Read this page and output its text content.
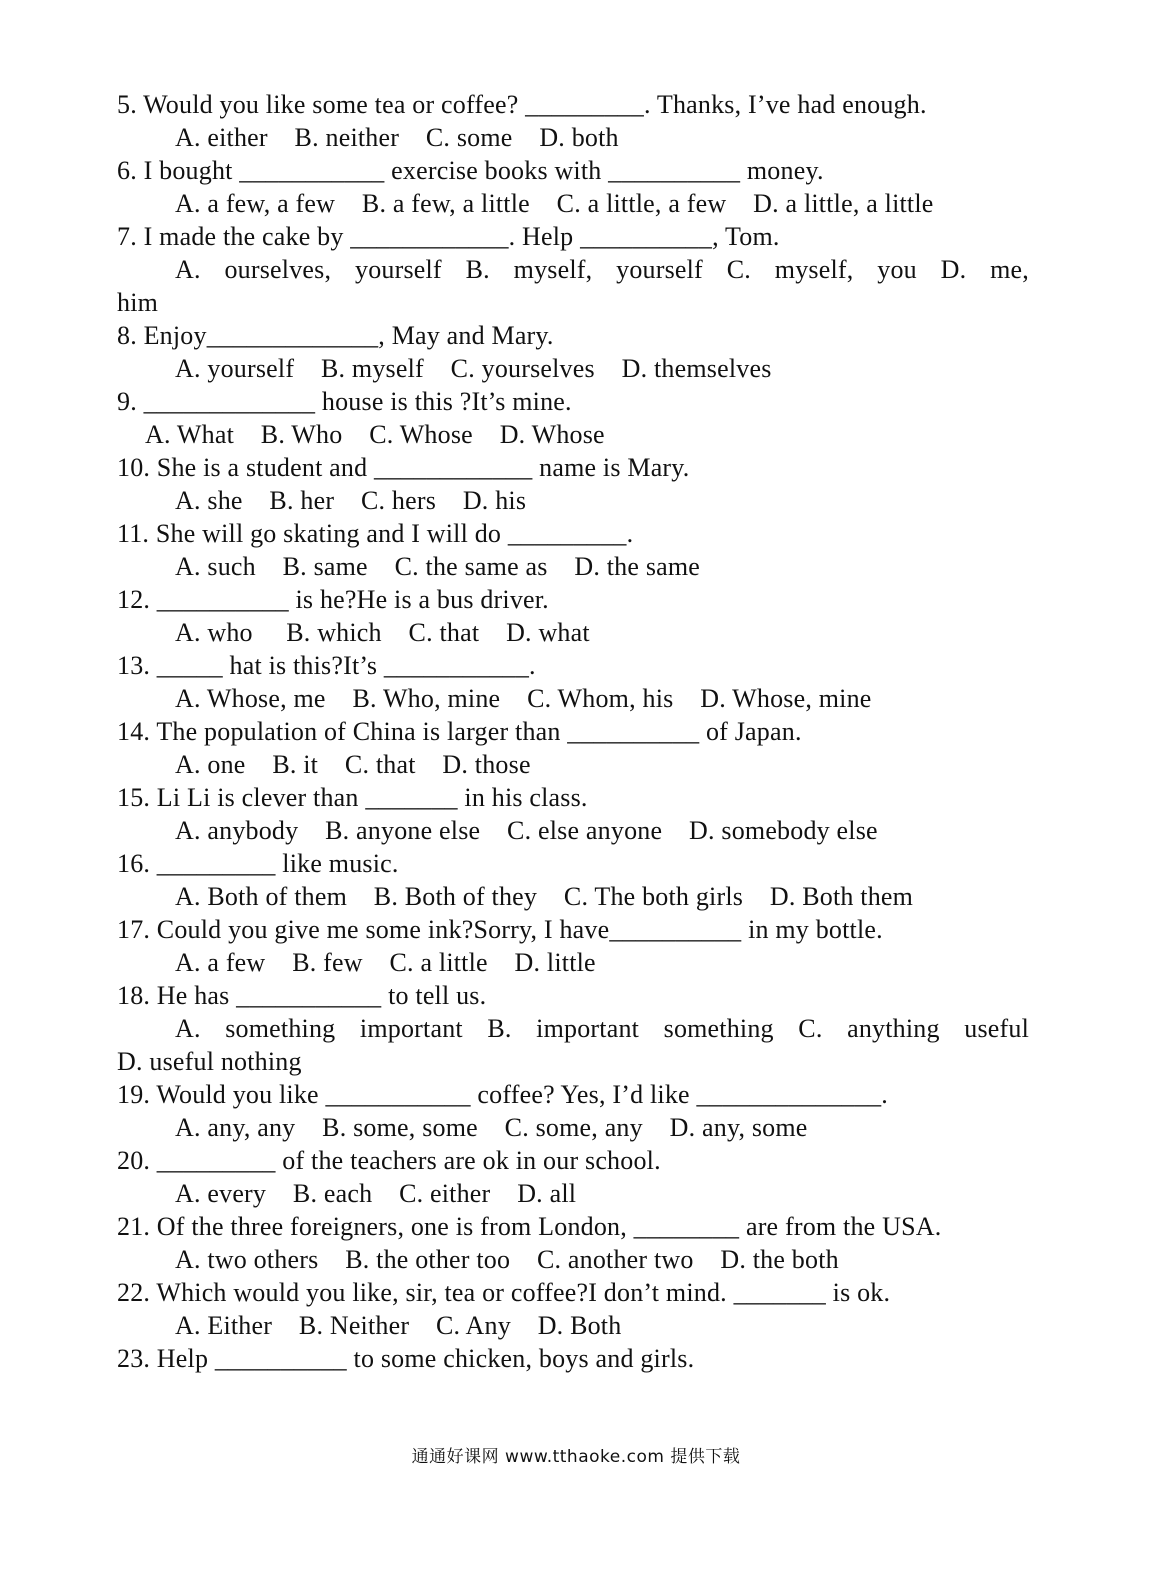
5. Would you like some tea or coffee? _________. Thanks, I’ve had enough.
A. either    B. neither    C. some    D. both
6. I bought ___________ exercise books with __________ money.
A. a few, a few    B. a few, a little    C. a little, a few    D. a little, a little
7. I made the cake by ____________. Help __________, Tom.
A. ourselves, yourself B. myself, yourself C. myself, you D. me,
him
8. Enjoy_____________, May and Mary.
A. yourself    B. myself    C. yourselves    D. themselves
9. _____________ house is this ?It’s mine.
A. What    B. Who    C. Whose    D. Whose
10. She is a student and ____________ name is Mary.
A. she    B. her    C. hers    D. his
11. She will go skating and I will do _________.
A. such    B. same    C. the same as    D. the same
12. __________ is he?He is a bus driver.
A. who     B. which    C. that    D. what
13. _____ hat is this?It’s ___________.
A. Whose, me    B. Who, mine    C. Whom, his    D. Whose, mine
14. The population of China is larger than __________ of Japan.
A. one    B. it    C. that    D. those
15. Li Li is clever than _______ in his class.
A. anybody    B. anyone else    C. else anyone    D. somebody else
16. _________ like music.
A. Both of them    B. Both of they    C. The both girls    D. Both them
17. Could you give me some ink?Sorry, I have__________ in my bottle.
A. a few    B. few    C. a little    D. little
18. He has ___________ to tell us.
A. something important B. important something C. anything useful
D. useful nothing
19. Would you like ___________ coffee? Yes, I’d like ______________.
A. any, any    B. some, some    C. some, any    D. any, some
20. _________ of the teachers are ok in our school.
A. every    B. each    C. either    D. all
21. Of the three foreigners, one is from London, ________ are from the USA.
A. two others    B. the other too    C. another two    D. the both
22. Which would you like, sir, tea or coffee?I don’t mind. _______ is ok.
A. Either    B. Neither    C. Any    D. Both
23. Help __________ to some chicken, boys and girls.
通通好课网 www.tthaoke.com 提供下载
